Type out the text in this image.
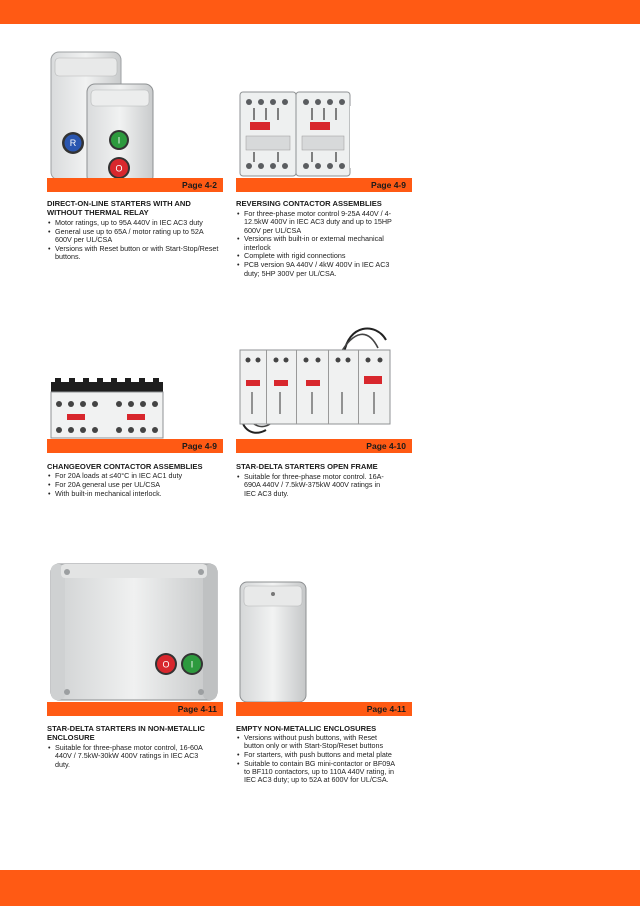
R	I
O
Page 4-2
DIRECT-ON-LINE STARTERS WITH AND WITHOUT THERMAL RELAY
• Motor ratings, up to 95A 440V in IEC AC3 duty
• General use up to 65A / motor rating up to 52A 600V per UL/CSA
• Versions with Reset button or with Start-Stop/Reset buttons.
Page 4-9
REVERSING CONTACTOR ASSEMBLIES
• For three-phase motor control 9-25A 440V / 4-12.5kW 400V in IEC AC3 duty and up to 15HP 600V per UL/CSA
• Versions with built-in or external mechanical interlock
• Complete with rigid connections
• PCB version 9A 440V / 4kW 400V in IEC AC3 duty; 5HP 300V per UL/CSA.
Page 4-9
CHANGEOVER CONTACTOR ASSEMBLIES
• For 20A loads at ≤40°C in IEC AC1 duty
• For 20A general use per UL/CSA
• With built-in mechanical interlock.
Page 4-10
STAR-DELTA STARTERS OPEN FRAME
• Suitable for three-phase motor control. 16A-690A 440V / 7.5kW-375kW 400V ratings in IEC AC3 duty.
O I
Page 4-11
STAR-DELTA STARTERS IN NON-METALLIC ENCLOSURE
• Suitable for three-phase motor control, 16-60A 440V / 7.5kW-30kW 400V ratings in IEC AC3 duty.
Page 4-11
EMPTY NON-METALLIC ENCLOSURES
• Versions without push buttons, with Reset button only or with Start-Stop/Reset buttons
• For starters, with push buttons and metal plate
• Suitable to contain BG mini-contactor or BF09A to BF110 contactors, up to 110A 440V rating, in IEC AC3 duty; up to 52A at 600V for UL/CSA.
